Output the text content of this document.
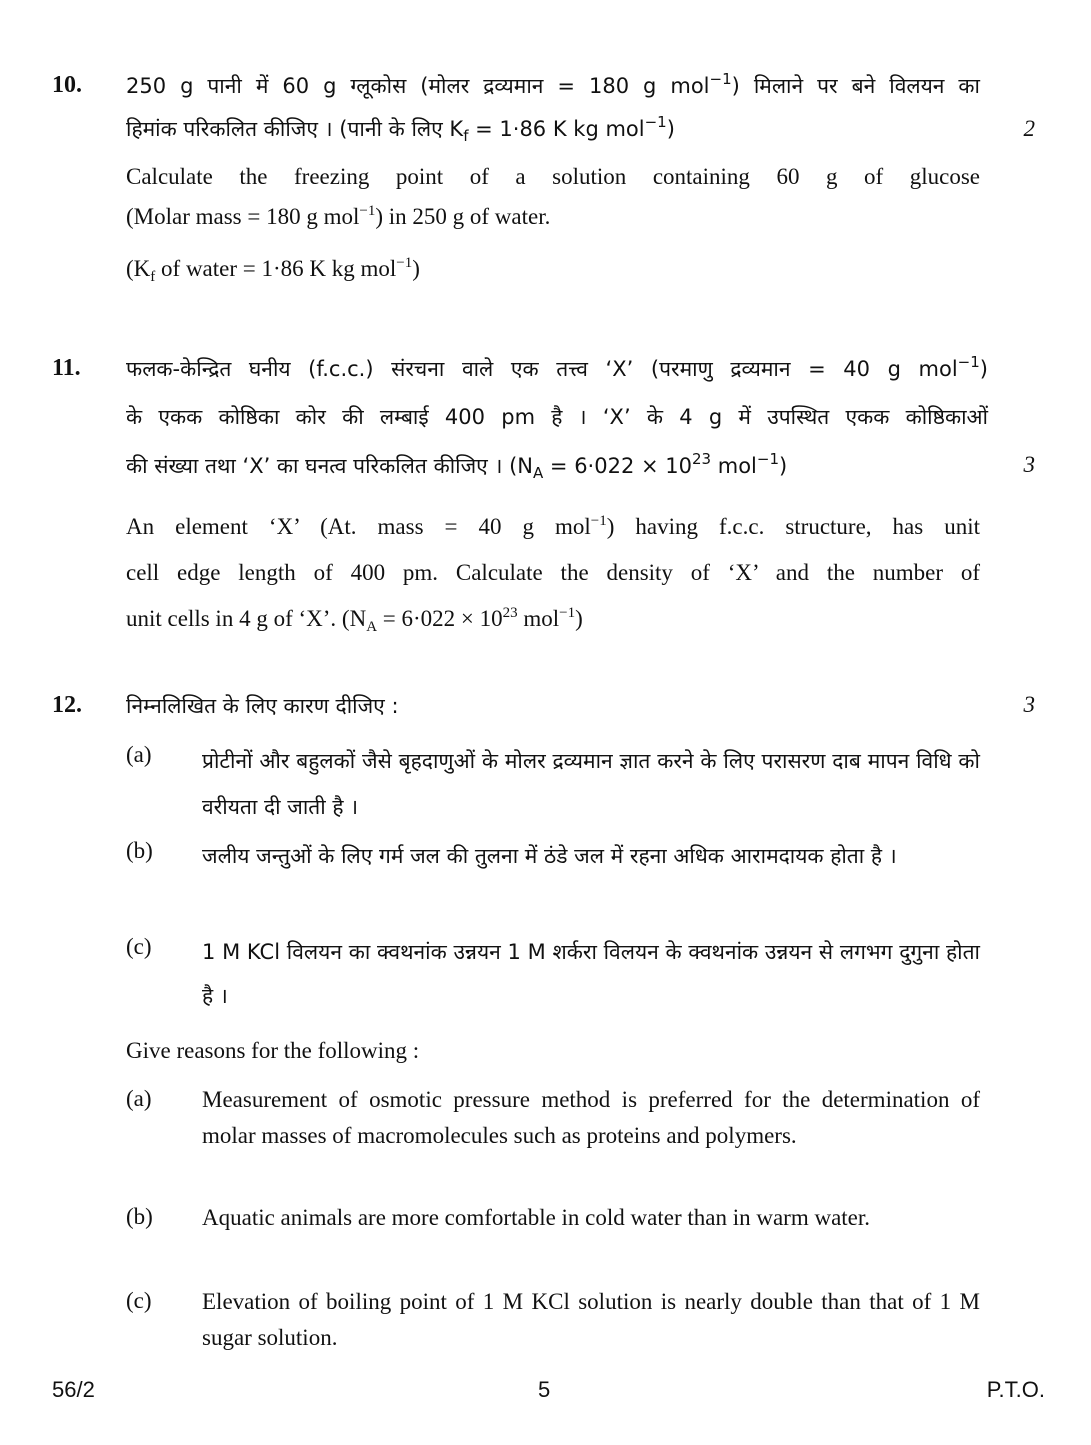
10. 250 g पानी में 60 g ग्लूकोस (मोलर द्रव्यमान = 180 g mol$^{-1}$) मिलाने पर बने विलयन का
हिमांक परिकलित कीजिए । (पानी के लिए $K_f = 1\cdot 86$ K kg mol$^{-1}$)	2
Calculate the freezing point of a solution containing 60 g of glucose
(Molar mass = 180 g mol$^{-1}$) in 250 g of water.
($K_f$ of water = 1·86 K kg mol$^{-1}$)
11. फलक-केन्द्रित घनीय (f.c.c.) संरचना वाले एक तत्त्व ‘X’ (परमाणु द्रव्यमान = 40 g mol$^{-1}$)
के एकक कोष्ठिका कोर की लम्बाई 400 pm है । ‘X’ के 4 g में उपस्थित एकक कोष्ठिकाओं
की संख्या तथा ‘X’ का घनत्व परिकलित कीजिए । ($N_A = 6\cdot 022 \times 10^{23}$ mol$^{-1}$)	3
An element ‘X’ (At. mass = 40 g mol$^{-1}$) having f.c.c. structure, has unit
cell edge length of 400 pm. Calculate the density of ‘X’ and the number of
unit cells in 4 g of ‘X’. ($N_A = 6\cdot 022 \times 10^{23}$ mol$^{-1}$)
12. निम्नलिखित के लिए कारण दीजिए :	3
(a) प्रोटीनों और बहुलकों जैसे बृहदाणुओं के मोलर द्रव्यमान ज्ञात करने के लिए परासरण दाब मापन विधि को वरीयता दी जाती है ।
(b) जलीय जन्तुओं के लिए गर्म जल की तुलना में ठंडे जल में रहना अधिक आरामदायक होता है ।
(c) 1 M KCl विलयन का क्वथनांक उन्नयन 1 M शर्करा विलयन के क्वथनांक उन्नयन से लगभग दुगुना होता है ।
Give reasons for the following :
(a) Measurement of osmotic pressure method is preferred for the determination of molar masses of macromolecules such as proteins and polymers.
(b) Aquatic animals are more comfortable in cold water than in warm water.
(c) Elevation of boiling point of 1 M KCl solution is nearly double than that of 1 M sugar solution.
56/2	5	P.T.O.
